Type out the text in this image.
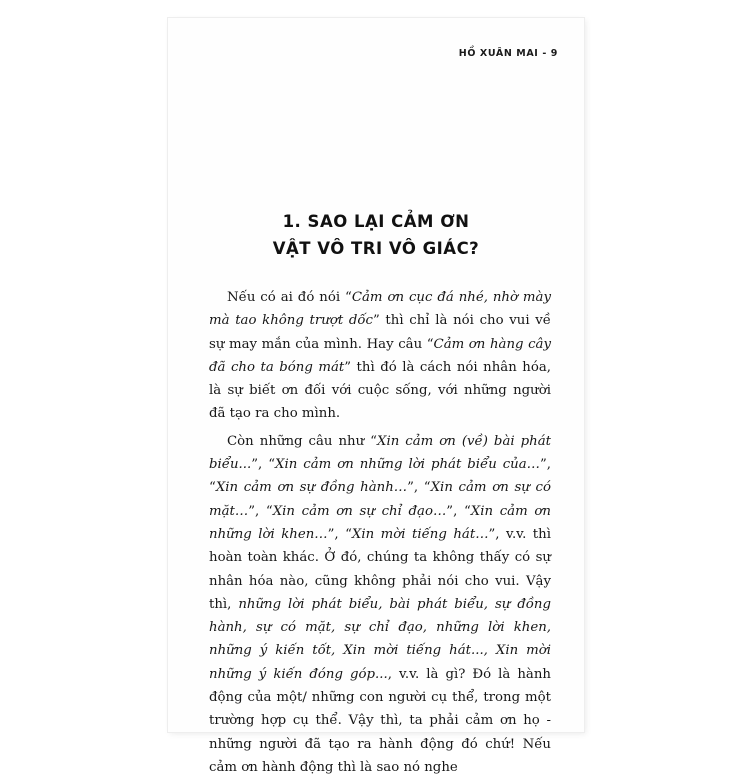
HỒ XUÂN MAI - 9
1. SAO LẠI CẢM ƠN
VẬT VÔ TRI VÔ GIÁC?

Nếu có ai đó nói “Cảm ơn cục đá nhé, nhờ mày mà tao không trượt dốc” thì chỉ là nói cho vui về sự may mắn của mình. Hay câu “Cảm ơn hàng cây đã cho ta bóng mát” thì đó là cách nói nhân hóa, là sự biết ơn đối với cuộc sống, với những người đã tạo ra cho mình.

Còn những câu như “Xin cảm ơn (về) bài phát biểu...”, “Xin cảm ơn những lời phát biểu của…”, “Xin cảm ơn sự đồng hành…”, “Xin cảm ơn sự có mặt…”, “Xin cảm ơn sự chỉ đạo…”, “Xin cảm ơn những lời khen…”, “Xin mời tiếng hát…”, v.v. thì hoàn toàn khác. Ở đó, chúng ta không thấy có sự nhân hóa nào, cũng không phải nói cho vui. Vậy thì, những lời phát biểu, bài phát biểu, sự đồng hành, sự có mặt, sự chỉ đạo, những lời khen, những ý kiến tốt, Xin mời tiếng hát..., Xin mời những ý kiến đóng góp..., v.v. là gì? Đó là hành động của một/ những con người cụ thể, trong một trường hợp cụ thể. Vậy thì, ta phải cảm ơn họ - những người đã tạo ra hành động đó chứ! Nếu cảm ơn hành động thì là sao nó nghe
